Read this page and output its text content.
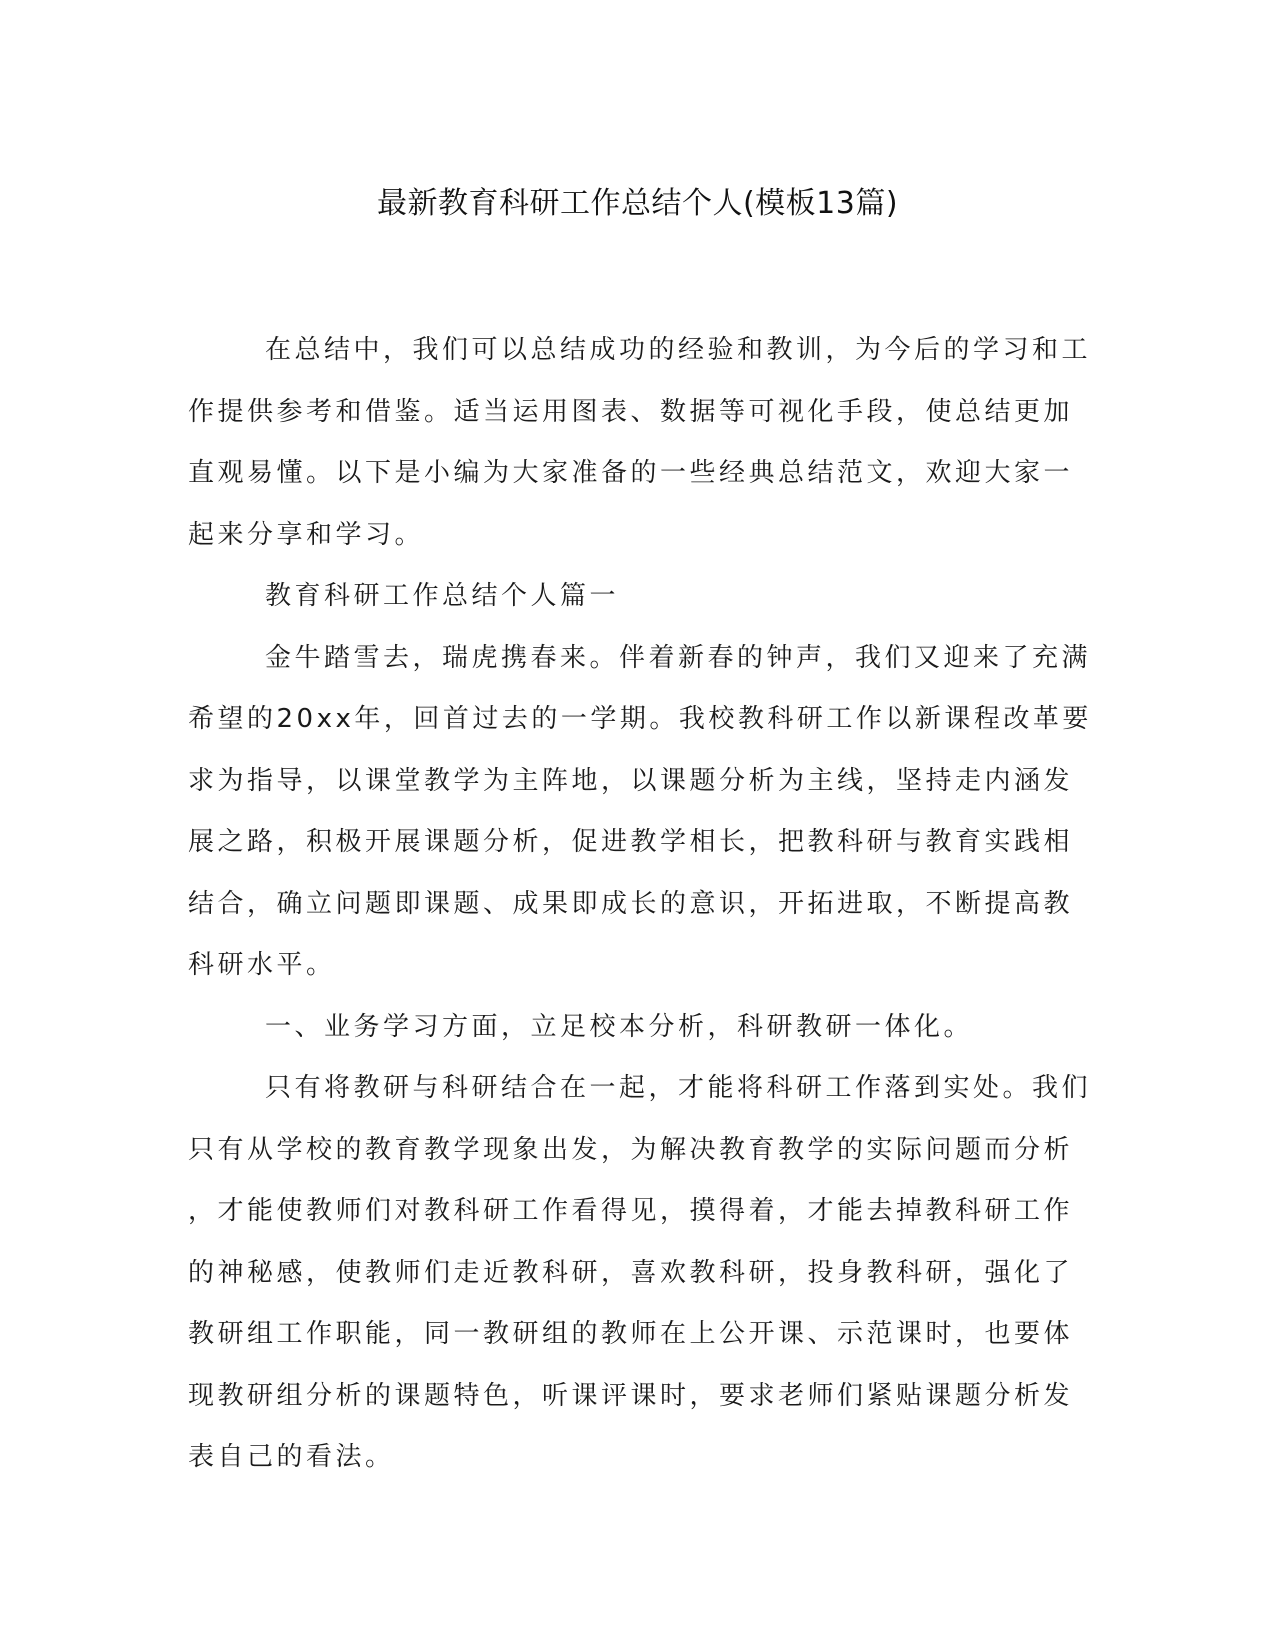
最新教育科研工作总结个人(模板13篇)
在总结中，我们可以总结成功的经验和教训，为今后的学习和工
作提供参考和借鉴。适当运用图表、数据等可视化手段，使总结更加
直观易懂。以下是小编为大家准备的一些经典总结范文，欢迎大家一
起来分享和学习。
教育科研工作总结个人篇一
金牛踏雪去，瑞虎携春来。伴着新春的钟声，我们又迎来了充满
希望的20xx年，回首过去的一学期。我校教科研工作以新课程改革要
求为指导，以课堂教学为主阵地，以课题分析为主线，坚持走内涵发
展之路，积极开展课题分析，促进教学相长，把教科研与教育实践相
结合，确立问题即课题、成果即成长的意识，开拓进取，不断提高教
科研水平。
一、业务学习方面，立足校本分析，科研教研一体化。
只有将教研与科研结合在一起，才能将科研工作落到实处。我们
只有从学校的教育教学现象出发，为解决教育教学的实际问题而分析
，才能使教师们对教科研工作看得见，摸得着，才能去掉教科研工作
的神秘感，使教师们走近教科研，喜欢教科研，投身教科研，强化了
教研组工作职能，同一教研组的教师在上公开课、示范课时，也要体
现教研组分析的课题特色，听课评课时，要求老师们紧贴课题分析发
表自己的看法。
